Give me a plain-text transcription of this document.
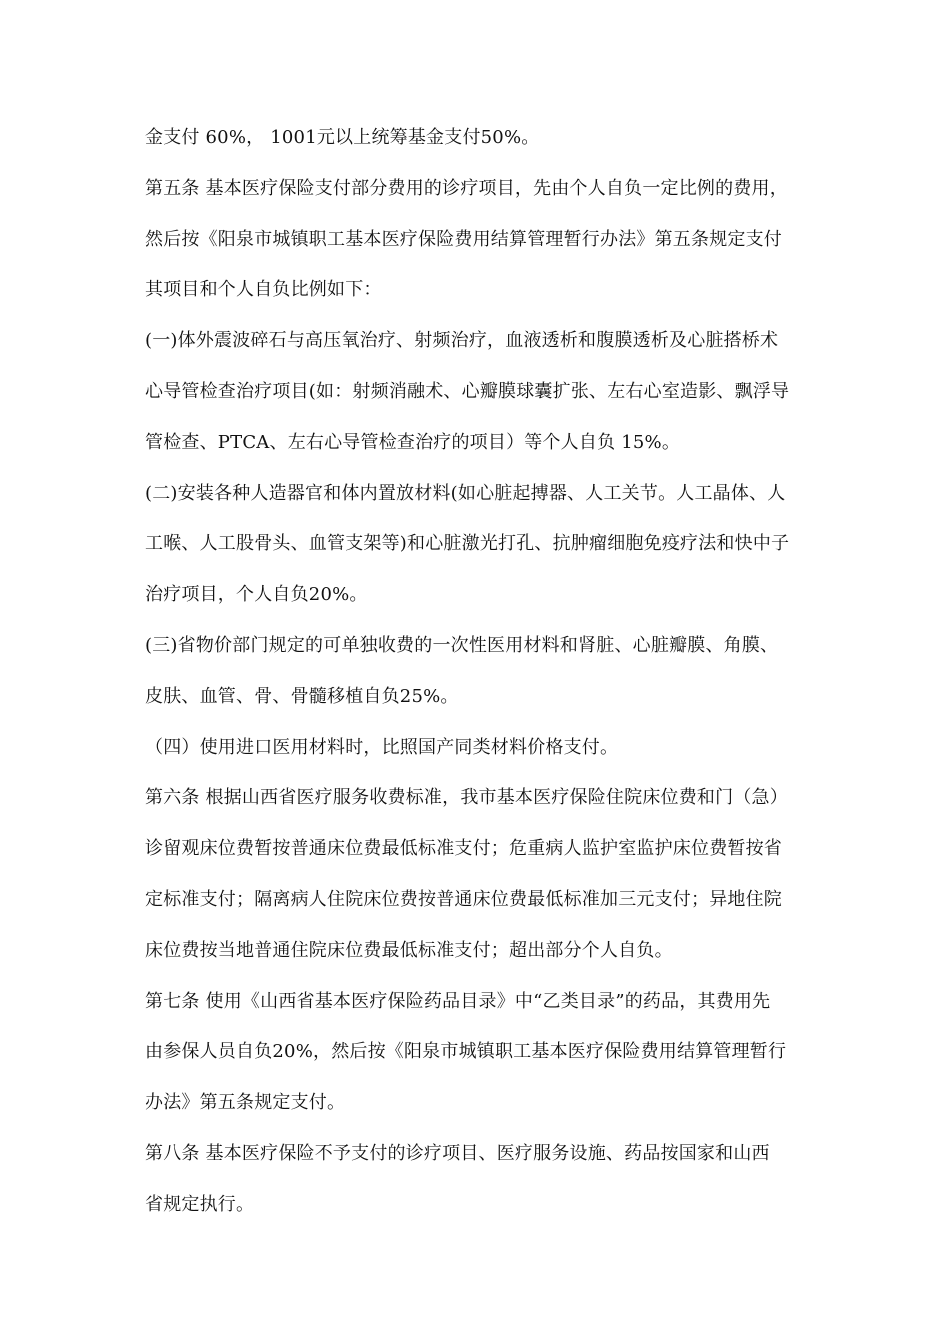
金支付 60%， 1001元以上统筹基金支付50%。
第五条 基本医疗保险支付部分费用的诊疗项目，先由个人自负一定比例的费用，
然后按《阳泉市城镇职工基本医疗保险费用结算管理暂行办法》第五条规定支付
其项目和个人自负比例如下：
(一)体外震波碎石与高压氧治疗、射频治疗，血液透析和腹膜透析及心脏搭桥术
心导管检查治疗项目(如：射频消融术、心瓣膜球囊扩张、左右心室造影、飘浮导
管检查、PTCA、左右心导管检查治疗的项目）等个人自负 15%。
(二)安装各种人造器官和体内置放材料(如心脏起搏器、人工关节。人工晶体、人
工喉、人工股骨头、血管支架等)和心脏激光打孔、抗肿瘤细胞免疫疗法和快中子
治疗项目，个人自负20%。
(三)省物价部门规定的可单独收费的一次性医用材料和肾脏、心脏瓣膜、角膜、
皮肤、血管、骨、骨髓移植自负25%。
（四）使用进口医用材料时，比照国产同类材料价格支付。
第六条 根据山西省医疗服务收费标准，我市基本医疗保险住院床位费和门（急）
诊留观床位费暂按普通床位费最低标准支付；危重病人监护室监护床位费暂按省
定标准支付；隔离病人住院床位费按普通床位费最低标准加三元支付；异地住院
床位费按当地普通住院床位费最低标准支付；超出部分个人自负。
第七条 使用《山西省基本医疗保险药品目录》中“乙类目录”的药品，其费用先
由参保人员自负20%，然后按《阳泉市城镇职工基本医疗保险费用结算管理暂行
办法》第五条规定支付。
第八条 基本医疗保险不予支付的诊疗项目、医疗服务设施、药品按国家和山西
省规定执行。
